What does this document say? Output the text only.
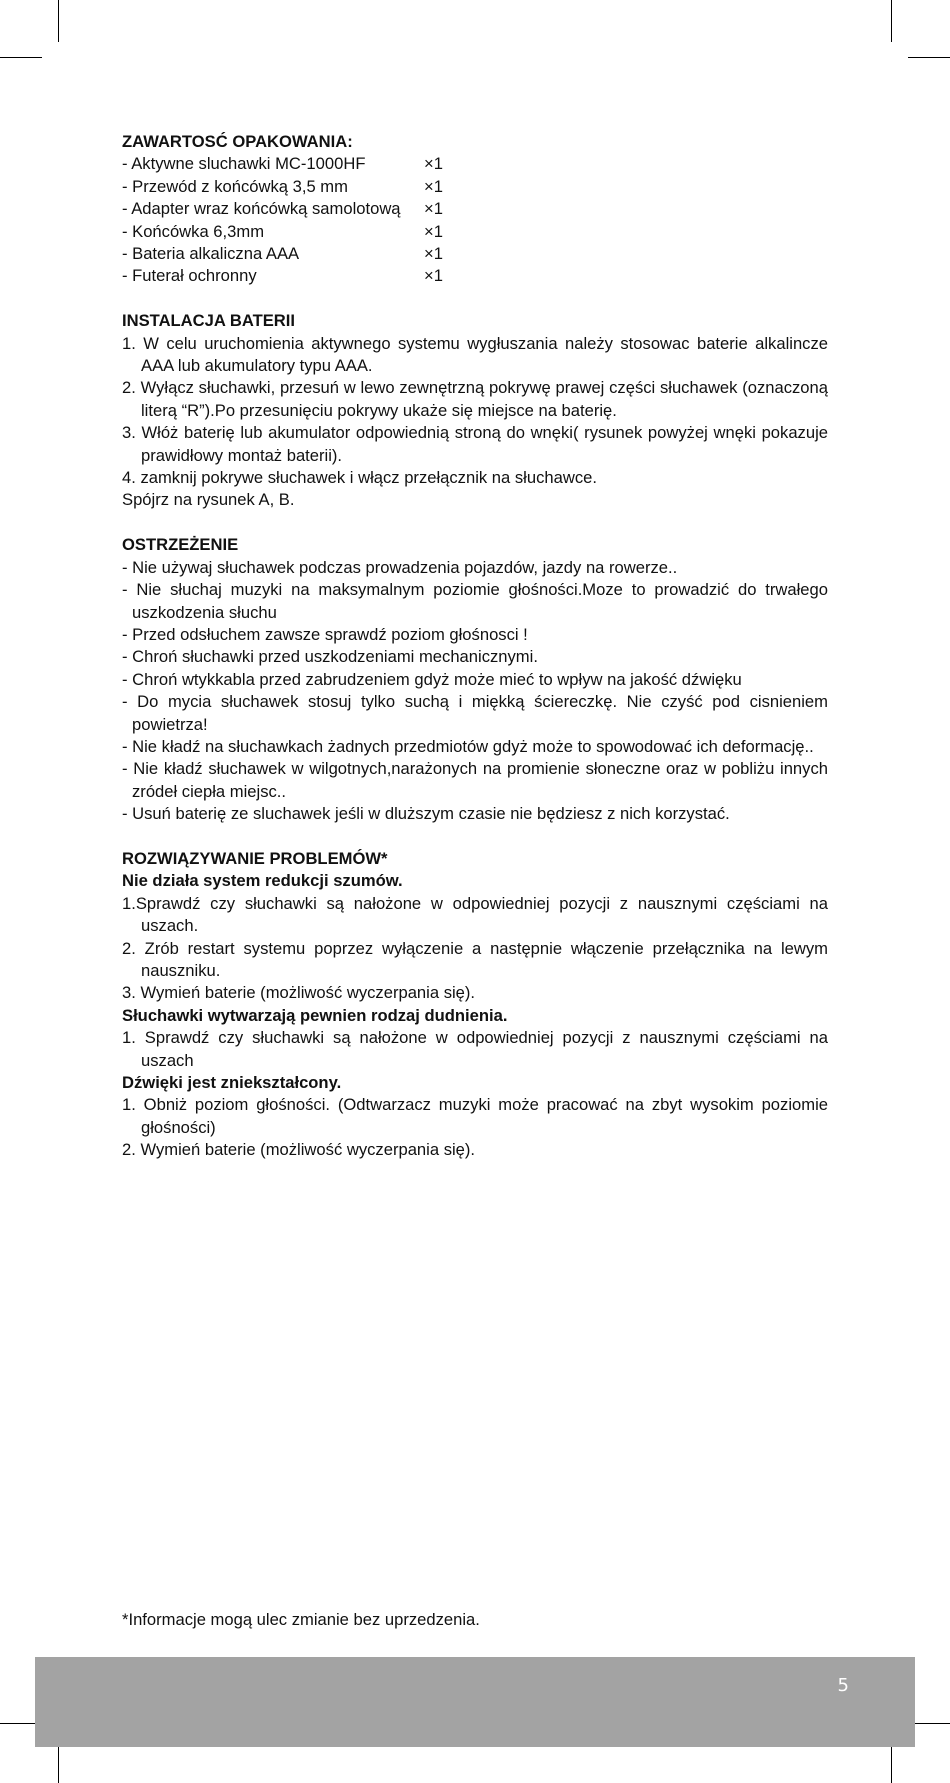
ZAWARTOSĆ OPAKOWANIA:
- Aktywne sluchawki MC-1000HF	×1
- Przewód z końcówką 3,5 mm	×1
- Adapter wraz końcówką samolotową	×1
- Końcówka 6,3mm	×1
- Bateria alkaliczna AAA	×1
- Futerał ochronny	×1
INSTALACJA BATERII
1. W celu uruchomienia aktywnego systemu wygłuszania należy stosowac baterie alkalincze AAA lub akumulatory typu AAA.
2. Wyłącz słuchawki, przesuń w lewo zewnętrzną pokrywę prawej części słuchawek (oznaczoną literą “R”).Po przesunięciu pokrywy ukaże się miejsce na baterię.
3. Włóż baterię lub akumulator odpowiednią stroną do wnęki( rysunek powyżej wnęki pokazuje prawidłowy montaż baterii).
4. zamknij pokrywe słuchawek i włącz przełącznik na słuchawce.
Spójrz na rysunek A, B.
OSTRZEŻENIE
- Nie używaj słuchawek podczas prowadzenia pojazdów, jazdy na rowerze..
- Nie słuchaj muzyki na maksymalnym poziomie głośności.Moze to prowadzić do trwałego uszkodzenia słuchu
- Przed odsłuchem zawsze sprawdź poziom głośnosci !
- Chroń słuchawki przed uszkodzeniami mechanicznymi.
- Chroń wtykkabla przed zabrudzeniem gdyż może mieć to wpływ na jakość dźwięku
- Do mycia słuchawek stosuj tylko suchą i miękką ściereczkę. Nie czyść pod cisnieniem powietrza!
- Nie kładź na słuchawkach żadnych przedmiotów gdyż może to spowodować ich deformację..
- Nie kładź słuchawek w wilgotnych,narażonych na promienie słoneczne oraz w pobliżu innych zródeł ciepła miejsc..
- Usuń baterię ze sluchawek jeśli w dluższym czasie nie będziesz z nich korzystać.
ROZWIĄZYWANIE PROBLEMÓW*
Nie działa system redukcji szumów.
1.Sprawdź czy słuchawki są nałożone w odpowiedniej pozycji z nausznymi częściami na uszach.
2. Zrób restart systemu poprzez wyłączenie a następnie włączenie przełącznika na lewym nauszniku.
3. Wymień baterie (możliwość wyczerpania się).
Słuchawki wytwarzają pewnien rodzaj dudnienia.
1. Sprawdź czy słuchawki są nałożone w odpowiedniej pozycji z nausznymi częściami na uszach
Dźwięki jest zniekształcony.
1. Obniż poziom głośności. (Odtwarzacz muzyki może pracować na zbyt wysokim poziomie głośności)
2. Wymień baterie (możliwość wyczerpania się).
*Informacje mogą ulec zmianie bez uprzedzenia.
5
